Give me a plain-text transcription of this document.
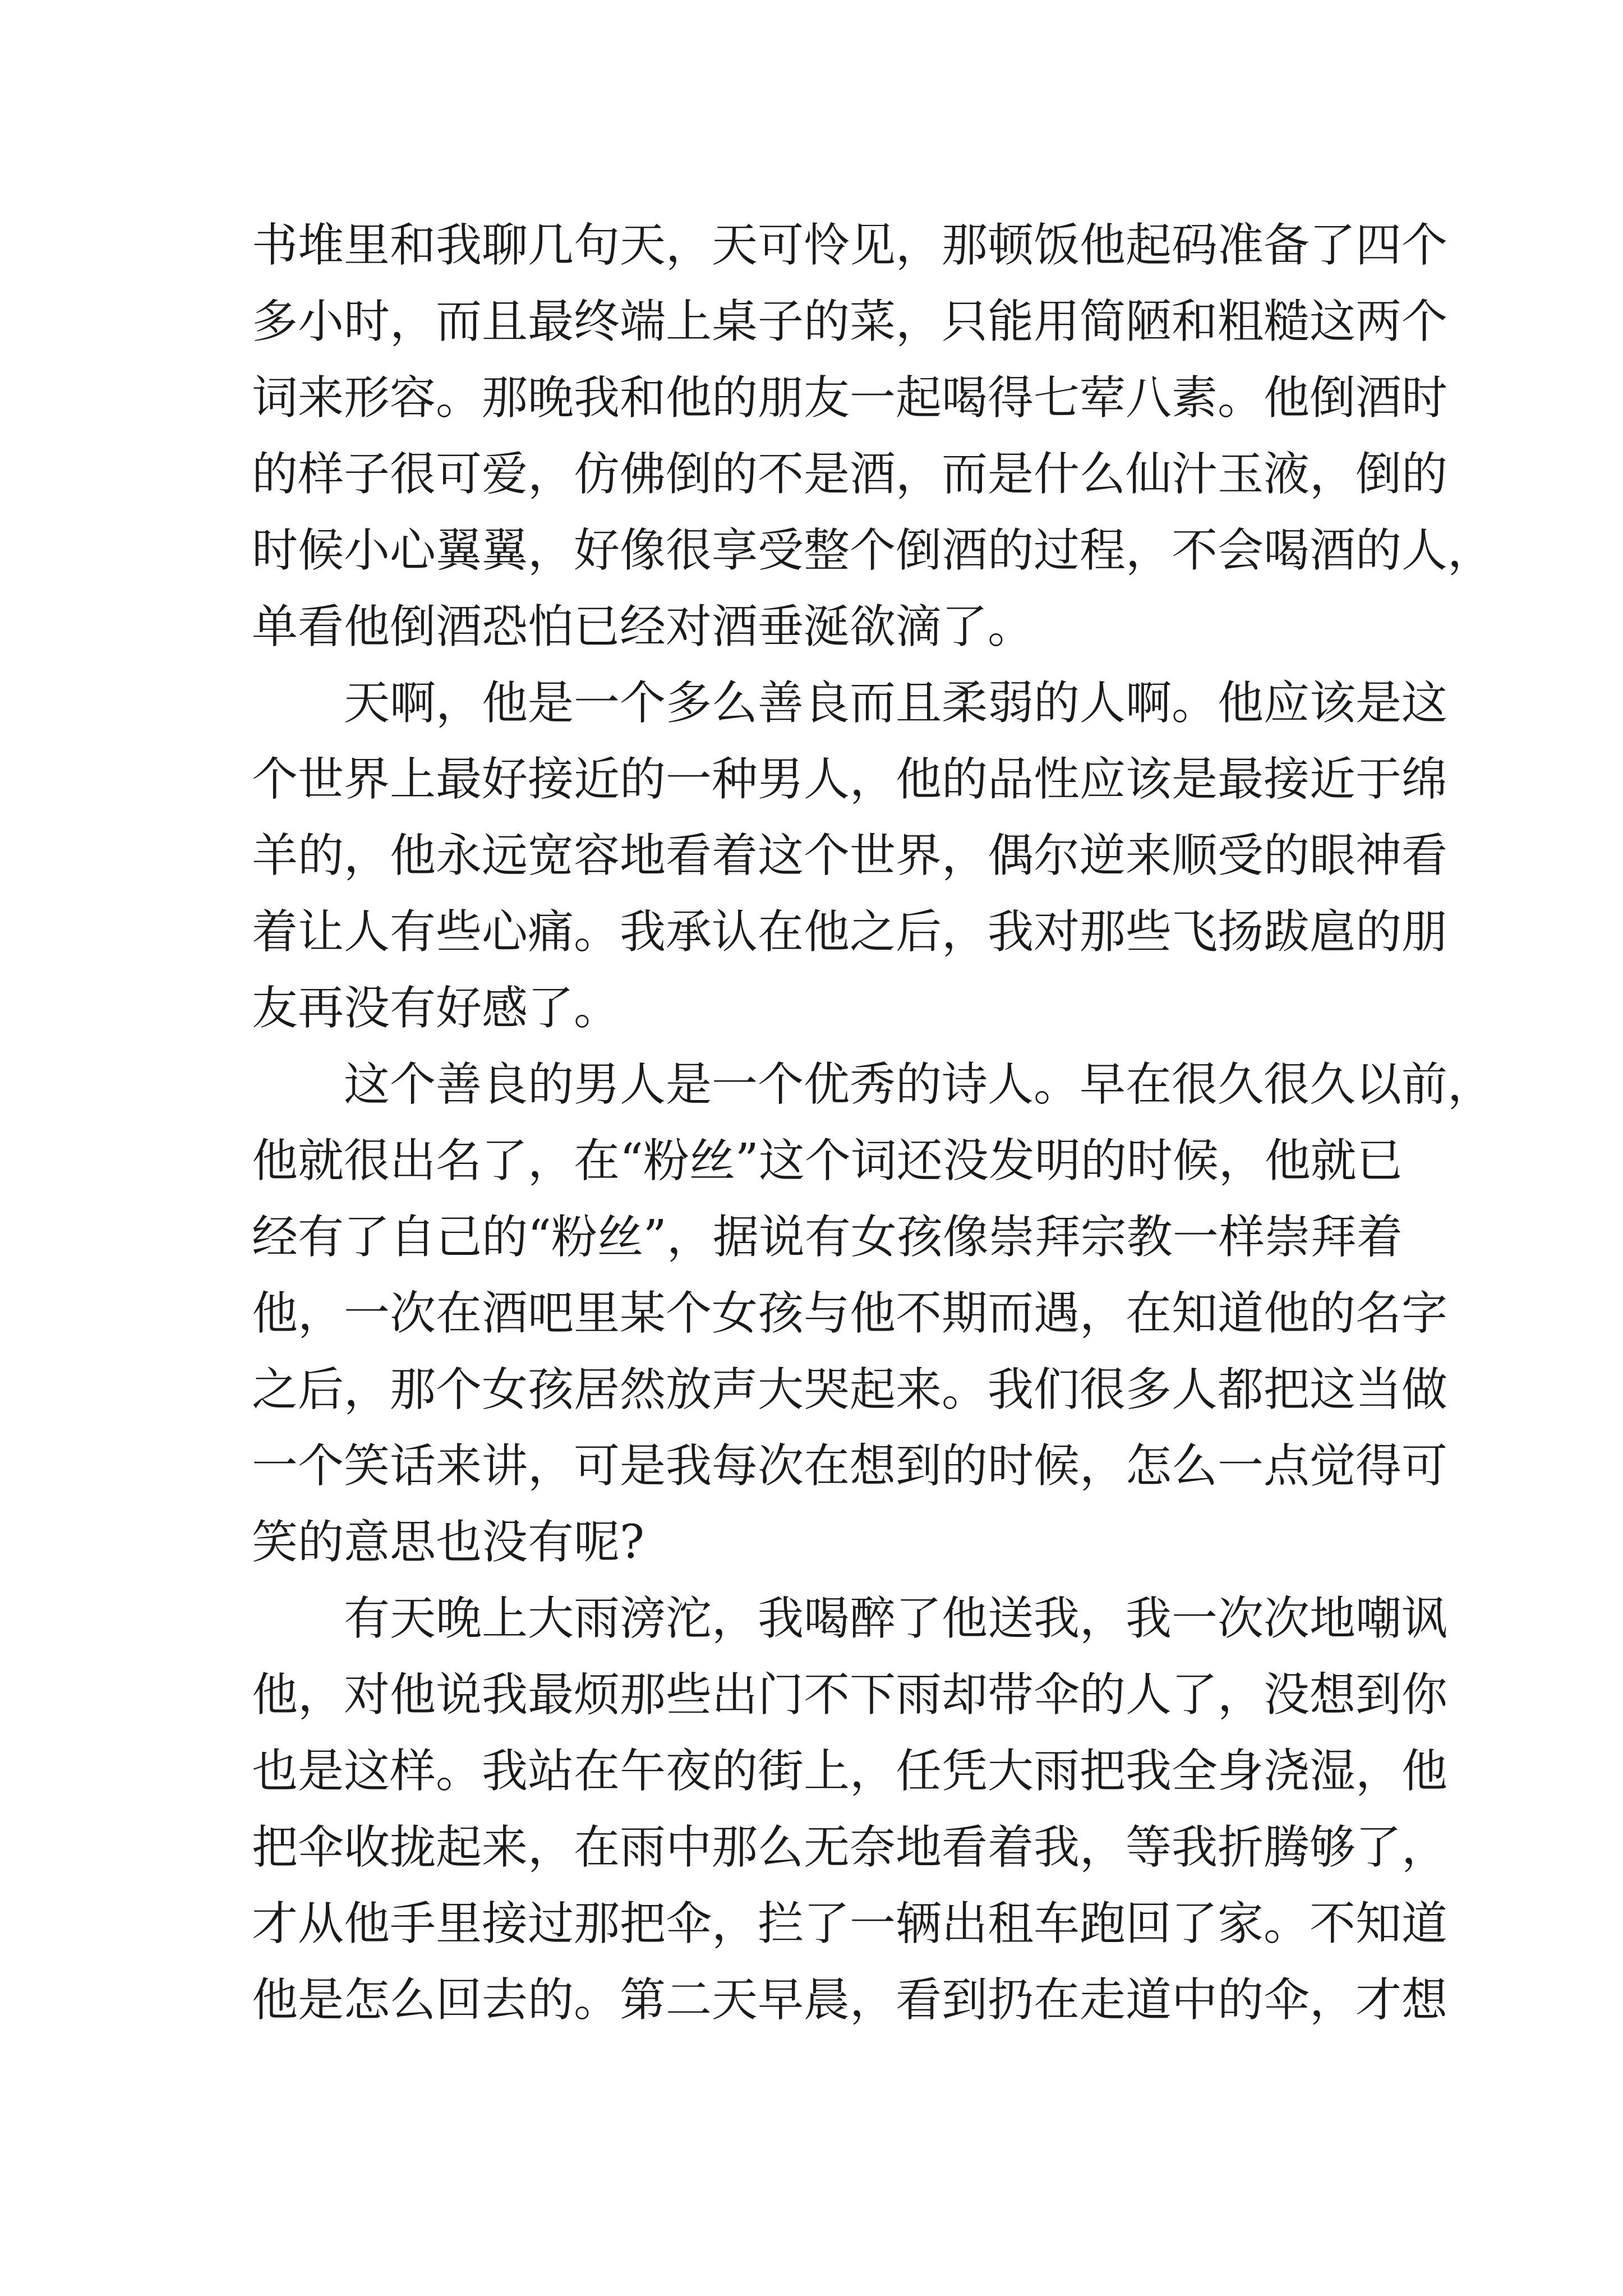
书堆里和我聊几句天，天可怜见，那顿饭他起码准备了四个
多小时，而且最终端上桌子的菜，只能用简陋和粗糙这两个
词来形容。那晚我和他的朋友一起喝得七荤八素。他倒酒时
的样子很可爱，仿佛倒的不是酒，而是什么仙汁玉液，倒的
时候小心翼翼，好像很享受整个倒酒的过程，不会喝酒的人，
单看他倒酒恐怕已经对酒垂涎欲滴了。
天啊，他是一个多么善良而且柔弱的人啊。他应该是这
个世界上最好接近的一种男人，他的品性应该是最接近于绵
羊的，他永远宽容地看着这个世界，偶尔逆来顺受的眼神看
着让人有些心痛。我承认在他之后，我对那些飞扬跋扈的朋
友再没有好感了。
这个善良的男人是一个优秀的诗人。早在很久很久以前，
他就很出名了，在“粉丝”这个词还没发明的时候，他就已
经有了自己的“粉丝”，据说有女孩像崇拜宗教一样崇拜着
他，一次在酒吧里某个女孩与他不期而遇，在知道他的名字
之后，那个女孩居然放声大哭起来。我们很多人都把这当做
一个笑话来讲，可是我每次在想到的时候，怎么一点觉得可
笑的意思也没有呢?
有天晚上大雨滂沱，我喝醉了他送我，我一次次地嘲讽
他，对他说我最烦那些出门不下雨却带伞的人了，没想到你
也是这样。我站在午夜的街上，任凭大雨把我全身浇湿，他
把伞收拢起来，在雨中那么无奈地看着我，等我折腾够了，
才从他手里接过那把伞，拦了一辆出租车跑回了家。不知道
他是怎么回去的。第二天早晨，看到扔在走道中的伞，才想
